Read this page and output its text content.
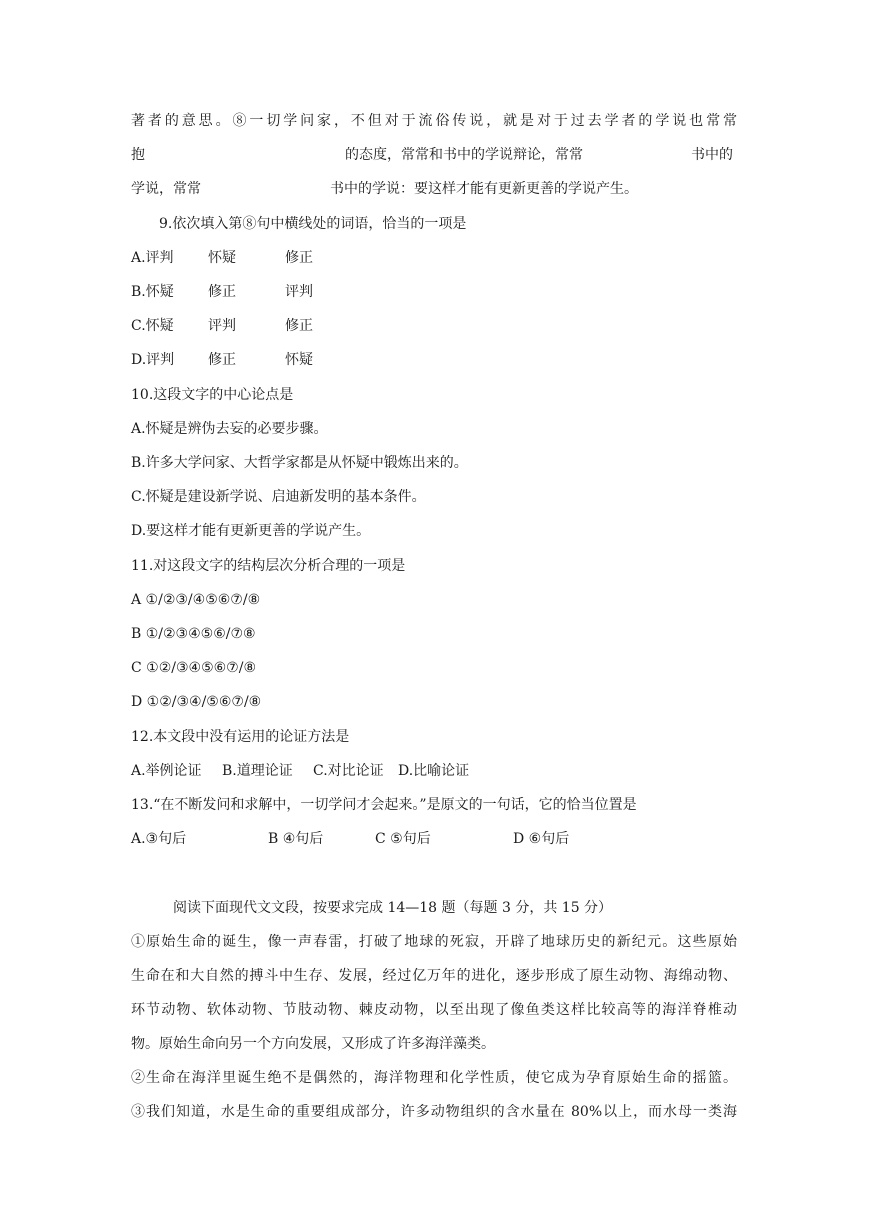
著者的意思。⑧一切学问家，不但对于流俗传说，就是对于过去学者的学说也常常
抱	的态度，常常和书中的学说辩论，常常	书中的
学说，常常	书中的学说：要这样才能有更新更善的学说产生。
9.依次填入第⑧句中横线处的词语，恰当的一项是
A.评判 怀疑	修正
B.怀疑 修正	评判
C.怀疑 评判	修正
D.评判 修正	怀疑
10.这段文字的中心论点是
A.怀疑是辨伪去妄的必要步骤。
B.许多大学问家、大哲学家都是从怀疑中锻炼出来的。
C.怀疑是建设新学说、启迪新发明的基本条件。
D.要这样才能有更新更善的学说产生。
11.对这段文字的结构层次分析合理的一项是
A ①/②③/④⑤⑥⑦/⑧
B ①/②③④⑤⑥/⑦⑧
C ①②/③④⑤⑥⑦/⑧
D ①②/③④/⑤⑥⑦/⑧
12.本文段中没有运用的论证方法是
A.举例论证 B.道理论证 C.对比论证 D.比喻论证
13.“在不断发问和求解中，一切学问才会起来。”是原文的一句话，它的恰当位置是
A.③句后	B ④句后	C ⑤句后	D ⑥句后
阅读下面现代文文段，按要求完成 14—18 题（每题 3 分，共 15 分）
①原始生命的诞生，像一声春雷，打破了地球的死寂，开辟了地球历史的新纪元。这些原始
生命在和大自然的搏斗中生存、发展，经过亿万年的进化，逐步形成了原生动物、海绵动物、
环节动物、软体动物、节肢动物、棘皮动物，以至出现了像鱼类这样比较高等的海洋脊椎动
物。原始生命向另一个方向发展，又形成了许多海洋藻类。
②生命在海洋里诞生绝不是偶然的，海洋物理和化学性质，使它成为孕育原始生命的摇篮。
③我们知道，水是生命的重要组成部分，许多动物组织的含水量在 80%以上，而水母一类海
